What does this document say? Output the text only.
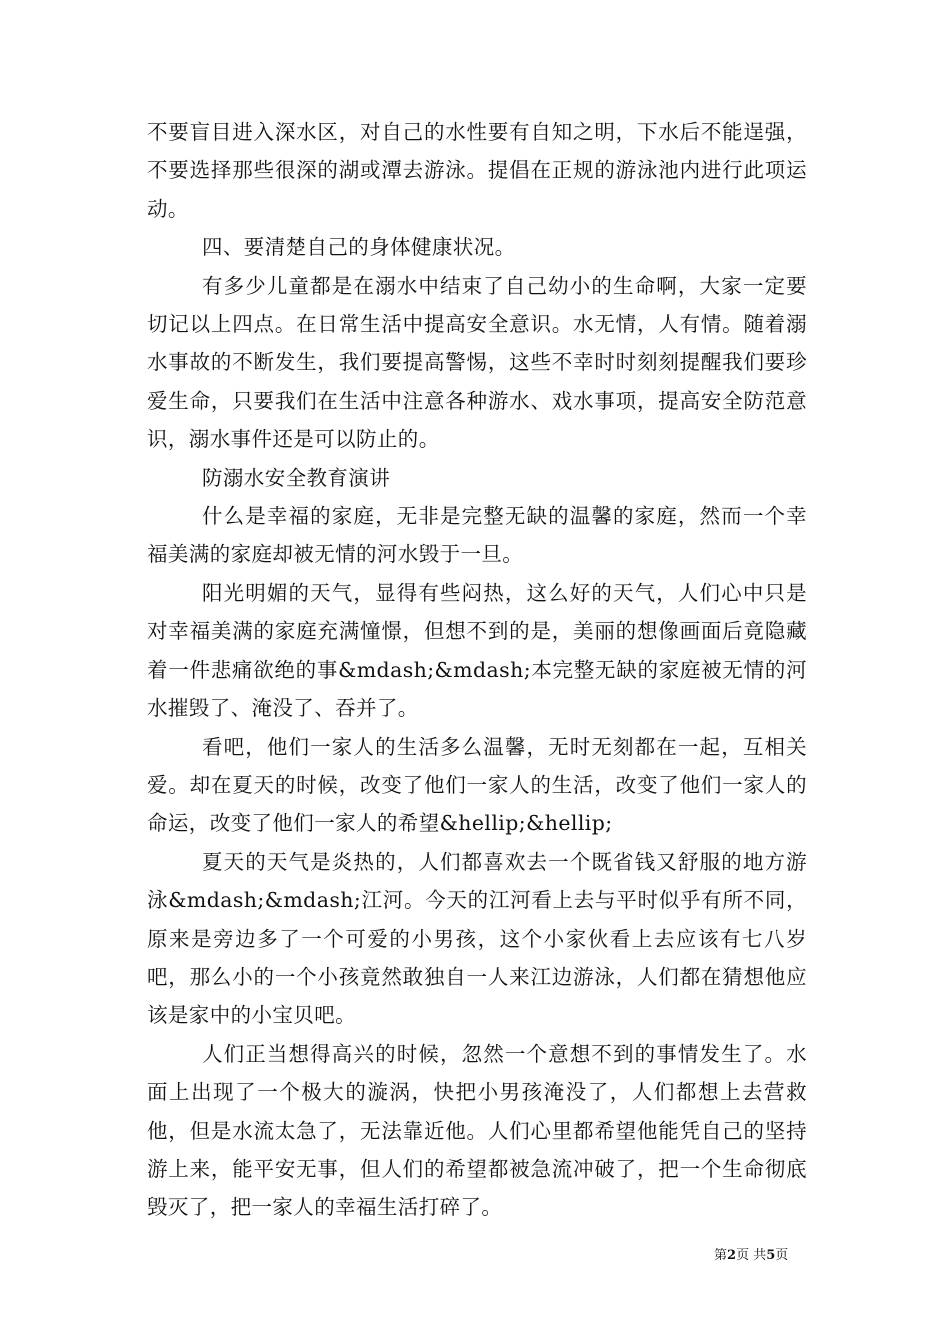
不要盲目进入深水区，对自己的水性要有自知之明，下水后不能逞强，不要选择那些很深的湖或潭去游泳。提倡在正规的游泳池内进行此项运动。

四、要清楚自己的身体健康状况。

有多少儿童都是在溺水中结束了自己幼小的生命啊，大家一定要切记以上四点。在日常生活中提高安全意识。水无情，人有情。随着溺水事故的不断发生，我们要提高警惕，这些不幸时时刻刻提醒我们要珍爱生命，只要我们在生活中注意各种游水、戏水事项，提高安全防范意识，溺水事件还是可以防止的。

防溺水安全教育演讲

什么是幸福的家庭，无非是完整无缺的温馨的家庭，然而一个幸福美满的家庭却被无情的河水毁于一旦。

阳光明媚的天气，显得有些闷热，这么好的天气，人们心中只是对幸福美满的家庭充满憧憬，但想不到的是，美丽的想像画面后竟隐藏着一件悲痛欲绝的事&mdash;&mdash;本完整无缺的家庭被无情的河水摧毁了、淹没了、吞并了。

看吧，他们一家人的生活多么温馨，无时无刻都在一起，互相关爱。却在夏天的时候，改变了他们一家人的生活，改变了他们一家人的命运，改变了他们一家人的希望&hellip;&hellip;

夏天的天气是炎热的，人们都喜欢去一个既省钱又舒服的地方游泳&mdash;&mdash;江河。今天的江河看上去与平时似乎有所不同，原来是旁边多了一个可爱的小男孩，这个小家伙看上去应该有七八岁吧，那么小的一个小孩竟然敢独自一人来江边游泳，人们都在猜想他应该是家中的小宝贝吧。

人们正当想得高兴的时候，忽然一个意想不到的事情发生了。水面上出现了一个极大的漩涡，快把小男孩淹没了，人们都想上去营救他，但是水流太急了，无法靠近他。人们心里都希望他能凭自己的坚持游上来，能平安无事，但人们的希望都被急流冲破了，把一个生命彻底毁灭了，把一家人的幸福生活打碎了。

第2页 共5页
